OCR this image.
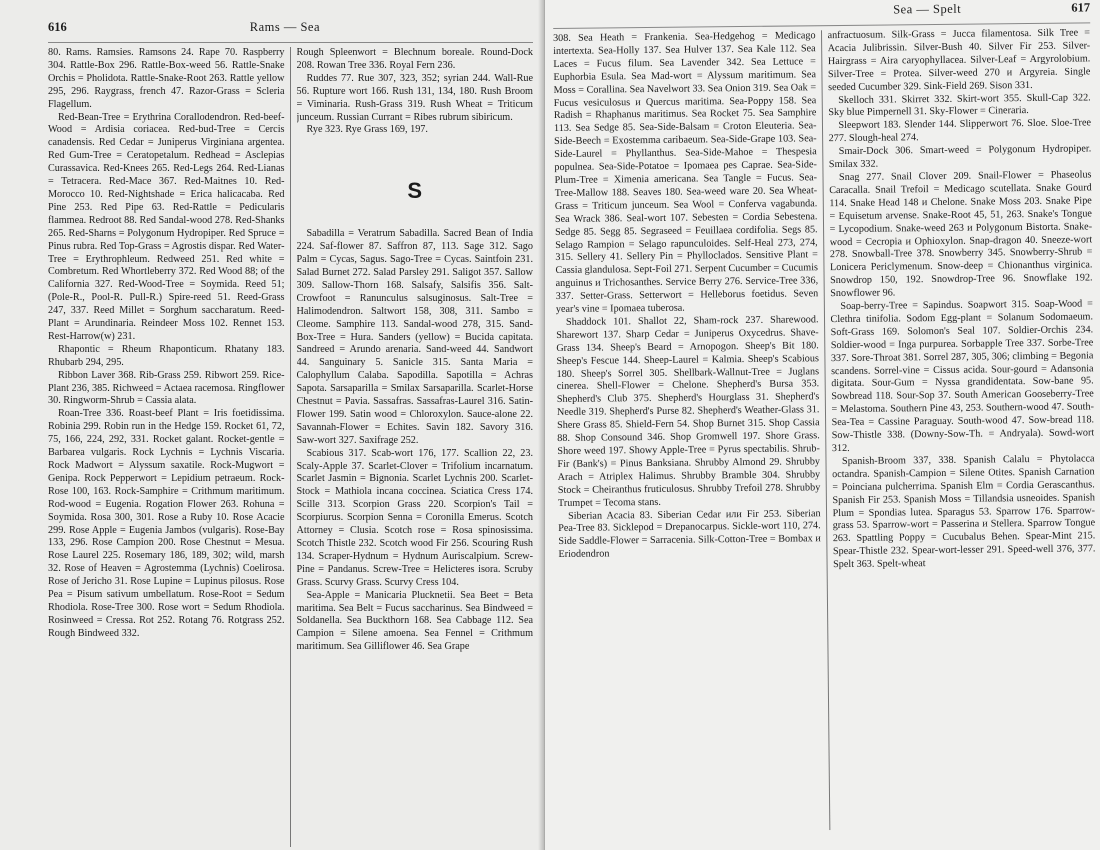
616	Rams — Sea

80. Rams. Ramsies. Ramsons 24. Rape 70. Raspberry 304. Rattle-Box 296. Rattle-Box-weed 56. Rattle-Snake Orchis = Pholidota. Rattle-Snake-Root 263. Rattle yellow 295, 296. Raygrass, french 47. Razor-Grass = Scleria Flagellum.

Red-Bean-Tree = Erythrina Corallodendron. Red-beef-Wood = Ardisia coriacea. Red-bud-Tree = Cercis canadensis. Red Cedar = Juniperus Virginiana argentea. Red Gum-Tree = Ceratopetalum. Redhead = Asclepias Curassavica. Red-Knees 265. Red-Legs 264. Red-Lianas = Tetracera. Red-Mace 367. Red-Maitnes 10. Red-Morocco 10. Red-Nightshade = Erica halicacaba. Red Pine 253. Red Pipe 63. Red-Rattle = Pedicularis flammea. Redroot 88. Red Sandal-wood 278. Red-Shanks 265. Red-Sharns = Polygonum Hydropiper. Red Spruce = Pinus rubra. Red Top-Grass = Agrostis dispar. Red Water-Tree = Erythrophleum. Redweed 251. Red white = Combretum. Red Whortleberry 372. Red Wood 88; of the California 327. Red-Wood-Tree = Soymida. Reed 51; (Pole-R., Pool-R. Pull-R.) Spire-reed 51. Reed-Grass 247, 337. Reed Millet = Sorghum saccharatum. Reed-Plant = Arundinaria. Reindeer Moss 102. Rennet 153. Rest-Harrow(w) 231.

Rhapontic = Rheum Rhaponticum. Rhatany 183. Rhubarb 294, 295.

Ribbon Laver 368. Rib-Grass 259. Ribwort 259. Rice-Plant 236, 385. Richweed = Actaea racemosa. Ringflower 30. Ringworm-Shrub = Cassia alata.

Roan-Tree 336. Roast-beef Plant = Iris foetidissima. Robinia 299. Robin run in the Hedge 159. Rocket 61, 72, 75, 166, 224, 292, 331. Rocket galant. Rocket-gentle = Barbarea vulgaris. Rock Lychnis = Lychnis Viscaria. Rock Madwort = Alyssum saxatile. Rock-Mugwort = Genipa. Rock Pepperwort = Lepidium petraeum. Rock-Rose 100, 163. Rock-Samphire = Crithmum maritimum. Rod-wood = Eugenia. Rogation Flower 263. Rohuna = Soymida. Rosa 300, 301. Rose a Ruby 10. Rose Acacie 299. Rose Apple = Eugenia Jambos (vulgaris). Rose-Bay 133, 296. Rose Campion 200. Rose Chestnut = Mesua. Rose Laurel 225. Rosemary 186, 189, 302; wild, marsh 32. Rose of Heaven = Agrostemma (Lychnis) Coelirosa. Rose of Jericho 31. Rose Lupine = Lupinus pilosus. Rose Pea = Pisum sativum umbellatum. Rose-Root = Sedum Rhodiola. Rose-Tree 300. Rose wort = Sedum Rhodiola. Rosinweed = Cressa. Rot 252. Rotang 76. Rotgrass 252. Rough Bindweed 332.

Rough Spleenwort = Blechnum boreale. Round-Dock 208. Rowan Tree 336. Royal Fern 236.

Ruddes 77. Rue 307, 323, 352; syrian 244. Wall-Rue 56. Rupture wort 166. Rush 131, 134, 180. Rush Broom = Viminaria. Rush-Grass 319. Rush Wheat = Triticum junceum. Russian Currant = Ribes rubrum sibiricum.

Rye 323. Rye Grass 169, 197.

S

Sabadilla = Veratrum Sabadilla. Sacred Bean of India 224. Saf-flower 87. Saffron 87, 113. Sage 312. Sago Palm = Cycas, Sagus. Sago-Tree = Cycas. Saintfoin 231. Salad Burnet 272. Salad Parsley 291. Saligot 357. Sallow 309. Sallow-Thorn 168. Salsafy, Salsifis 356. Salt-Crowfoot = Ranunculus salsuginosus. Salt-Tree = Halimodendron. Saltwort 158, 308, 311. Sambo = Cleome. Samphire 113. Sandal-wood 278, 315. Sand-Box-Tree = Hura. Sanders (yellow) = Bucida capitata. Sandreed = Arundo arenaria. Sand-weed 44. Sandwort 44. Sanguinary 5. Sanicle 315. Santa Maria = Calophyllum Calaba. Sapodilla. Sapotilla = Achras Sapota. Sarsaparilla = Smilax Sarsaparilla. Scarlet-Horse Chestnut = Pavia. Sassafras. Sassafras-Laurel 316. Satin-Flower 199. Satin wood = Chloroxylon. Sauce-alone 22. Savannah-Flower = Echites. Savin 182. Savory 316. Saw-wort 327. Saxifrage 252.

Scabious 317. Scab-wort 176, 177. Scallion 22, 23. Scaly-Apple 37. Scarlet-Clover = Trifolium incarnatum. Scarlet Jasmin = Bignonia. Scarlet Lychnis 200. Scarlet-Stock = Mathiola incana coccinea. Sciatica Cress 174. Scille 313. Scorpion Grass 220. Scorpion's Tail = Scorpiurus. Scorpion Senna = Coronilla Emerus. Scotch Attorney = Clusia. Scotch rose = Rosa spinosissima. Scotch Thistle 232. Scotch wood Fir 256. Scouring Rush 134. Scraper-Hydnum = Hydnum Auriscalpium. Screw-Pine = Pandanus. Screw-Tree = Helicteres isora. Scruby Grass. Scurvy Grass. Scurvy Cress 104.

Sea-Apple = Manicaria Plucknetii. Sea Beet = Beta maritima. Sea Belt = Fucus saccharinus. Sea Bindweed = Soldanella. Sea Buckthorn 168. Sea Cabbage 112. Sea Campion = Silene amoena. Sea Fennel = Crithmum maritimum. Sea Gilliflower 46. Sea Grape

Sea — Spelt	617

308. Sea Heath = Frankenia. Sea-Hedgehog = Medicago intertexta. Sea-Holly 137. Sea Hulver 137. Sea Kale 112. Sea Laces = Fucus filum. Sea Lavender 342. Sea Lettuce = Euphorbia Esula. Sea Mad-wort = Alyssum maritimum. Sea Moss = Corallina. Sea Navelwort 33. Sea Onion 319. Sea Oak = Fucus vesiculosus и Quercus maritima. Sea-Poppy 158. Sea Radish = Rhaphanus maritimus. Sea Rocket 75. Sea Samphire 113. Sea Sedge 85. Sea-Side-Balsam = Croton Eleuteria. Sea-Side-Beech = Exostemma caribaeum. Sea-Side-Grape 103. Sea-Side-Laurel = Phyllanthus. Sea-Side-Mahoe = Thespesia populnea. Sea-Side-Potatoe = Ipomaea pes Caprae. Sea-Side-Plum-Tree = Ximenia americana. Sea Tangle = Fucus. Sea-Tree-Mallow 188. Seaves 180. Sea-weed ware 20. Sea Wheat-Grass = Triticum junceum. Sea Wool = Conferva vagabunda. Sea Wrack 386. Seal-wort 107. Sebesten = Cordia Sebestena. Sedge 85. Segg 85. Segraseed = Feuillaea cordifolia. Segs 85. Selago Rampion = Selago rapunculoides. Self-Heal 273, 274, 315. Sellery 41. Sellery Pin = Phylloclados. Sensitive Plant = Cassia glandulosa. Sept-Foil 271. Serpent Cucumber = Cucumis anguinus и Trichosanthes. Service Berry 276. Service-Tree 336, 337. Setter-Grass. Setterwort = Helleborus foetidus. Seven year's vine = Ipomaea tuberosa.

Shaddock 101. Shallot 22, Sham-rock 237. Sharewood. Sharewort 137. Sharp Cedar = Juniperus Oxycedrus. Shave-Grass 134. Sheep's Beard = Arnopogon. Sheep's Bit 180. Sheep's Fescue 144. Sheep-Laurel = Kalmia. Sheep's Scabious 180. Sheep's Sorrel 305. Shellbark-Wallnut-Tree = Juglans cinerea. Shell-Flower = Chelone. Shepherd's Bursa 353. Shepherd's Club 375. Shepherd's Hourglass 31. Shepherd's Needle 319. Shepherd's Purse 82. Shepherd's Weather-Glass 31. Shere Grass 85. Shield-Fern 54. Shop Burnet 315. Shop Cassia 88. Shop Consound 346. Shop Gromwell 197. Shore Grass. Shore weed 197. Showy Apple-Tree = Pyrus spectabilis. Shrub-Fir (Bank's) = Pinus Banksiana. Shrubby Almond 29. Shrubby Arach = Atriplex Halimus. Shrubby Bramble 304. Shrubby Stock = Cheiranthus fruticulosus. Shrubby Trefoil 278. Shrubby Trumpet = Tecoma stans.

Siberian Acacia 83. Siberian Cedar или Fir 253. Siberian Pea-Tree 83. Sicklepod = Drepanocarpus. Sickle-wort 110, 274. Side Saddle-Flower = Sarracenia. Silk-Cotton-Tree = Bombax и Eriodendron

anfractuosum. Silk-Grass = Jucca filamentosa. Silk Tree = Acacia Julibrissin. Silver-Bush 40. Silver Fir 253. Silver-Hairgrass = Aira caryophyllacea. Silver-Leaf = Argyrolobium. Silver-Tree = Protea. Silver-weed 270 и Argyreia. Single seeded Cucumber 329. Sink-Field 269. Sison 331.

Skelloch 331. Skirret 332. Skirt-wort 355. Skull-Cap 322. Sky blue Pimpernell 31. Sky-Flower = Cineraria.

Sleepwort 183. Slender 144. Slipperwort 76. Sloe. Sloe-Tree 277. Slough-heal 274.

Smair-Dock 306. Smart-weed = Polygonum Hydropiper. Smilax 332.

Snag 277. Snail Clover 209. Snail-Flower = Phaseolus Caracalla. Snail Trefoil = Medicago scutellata. Snake Gourd 114. Snake Head 148 и Chelone. Snake Moss 203. Snake Pipe = Equisetum arvense. Snake-Root 45, 51, 263. Snake's Tongue = Lycopodium. Snake-weed 263 и Polygonum Bistorta. Snake-wood = Cecropia и Ophioxylon. Snap-dragon 40. Sneeze-wort 278. Snowball-Tree 378. Snowberry 345. Snowberry-Shrub = Lonicera Periclymenum. Snow-deep = Chionanthus virginica. Snowdrop 150, 192. Snowdrop-Tree 96. Snowflake 192. Snowflower 96.

Soap-berry-Tree = Sapindus. Soapwort 315. Soap-Wood = Clethra tinifolia. Sodom Egg-plant = Solanum Sodomaeum. Soft-Grass 169. Solomon's Seal 107. Soldier-Orchis 234. Soldier-wood = Inga purpurea. Sorbapple Tree 337. Sorbe-Tree 337. Sore-Throat 381. Sorrel 287, 305, 306; climbing = Begonia scandens. Sorrel-vine = Cissus acida. Sour-gourd = Adansonia digitata. Sour-Gum = Nyssa grandidentata. Sow-bane 95. Sowbread 118. Sour-Sop 37. South American Gooseberry-Tree = Melastoma. Southern Pine 43, 253. Southern-wood 47. South-Sea-Tea = Cassine Paraguay. South-wood 47. Sow-bread 118. Sow-Thistle 338. (Downy-Sow-Th. = Andryala). Sowd-wort 312.

Spanish-Broom 337, 338. Spanish Calalu = Phytolacca octandra. Spanish-Campion = Silene Otites. Spanish Carnation = Poinciana pulcherrima. Spanish Elm = Cordia Gerascanthus. Spanish Fir 253. Spanish Moss = Tillandsia usneoides. Spanish Plum = Spondias lutea. Sparagus 53. Sparrow 176. Sparrow-grass 53. Sparrow-wort = Passerina и Stellera. Sparrow Tongue 263. Spattling Poppy = Cucubalus Behen. Spear-Mint 215. Spear-Thistle 232. Spear-wort-lesser 291. Speed-well 376, 377. Spelt 363. Spelt-wheat
